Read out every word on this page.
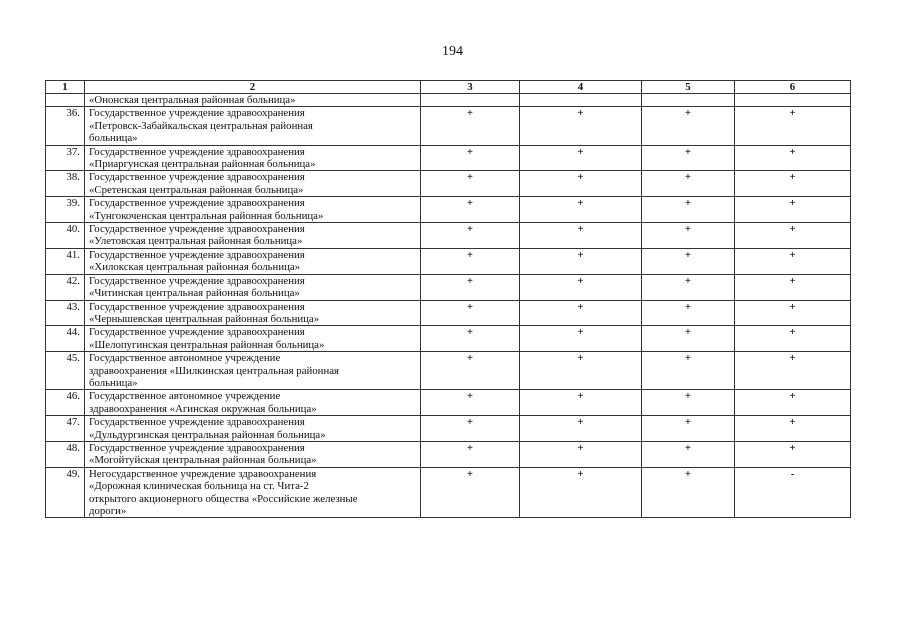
194
1	2	3	4	5	6
	«Ононская центральная районная больница»				
36.	Государственное учреждение здравоохранения
«Петровск-Забайкальская центральная районная
больница»	+	+	+	+
37.	Государственное учреждение здравоохранения
«Приаргунская центральная районная больница»	+	+	+	+
38.	Государственное учреждение здравоохранения
«Сретенская центральная районная больница»	+	+	+	+
39.	Государственное учреждение здравоохранения
«Тунгокоченская центральная районная больница»	+	+	+	+
40.	Государственное учреждение здравоохранения
«Улетовская центральная районная больница»	+	+	+	+
41.	Государственное учреждение здравоохранения
«Хилокская центральная районная больница»	+	+	+	+
42.	Государственное учреждение здравоохранения
«Читинская центральная районная больница»	+	+	+	+
43.	Государственное учреждение здравоохранения
«Чернышевская центральная районная больница»	+	+	+	+
44.	Государственное учреждение здравоохранения
«Шелопугинская центральная районная больница»	+	+	+	+
45.	Государственное автономное учреждение
здравоохранения «Шилкинская центральная районная
больница»	+	+	+	+
46.	Государственное автономное учреждение
здравоохранения «Агинская окружная больница»	+	+	+	+
47.	Государственное учреждение здравоохранения
«Дульдургинская центральная районная больница»	+	+	+	+
48.	Государственное учреждение здравоохранения
«Могойтуйская центральная районная больница»	+	+	+	+
49.	Негосударственное учреждение здравоохранения
«Дорожная клиническая больница на ст. Чита-2
открытого акционерного общества «Российские железные
дороги»	+	+	+	-
